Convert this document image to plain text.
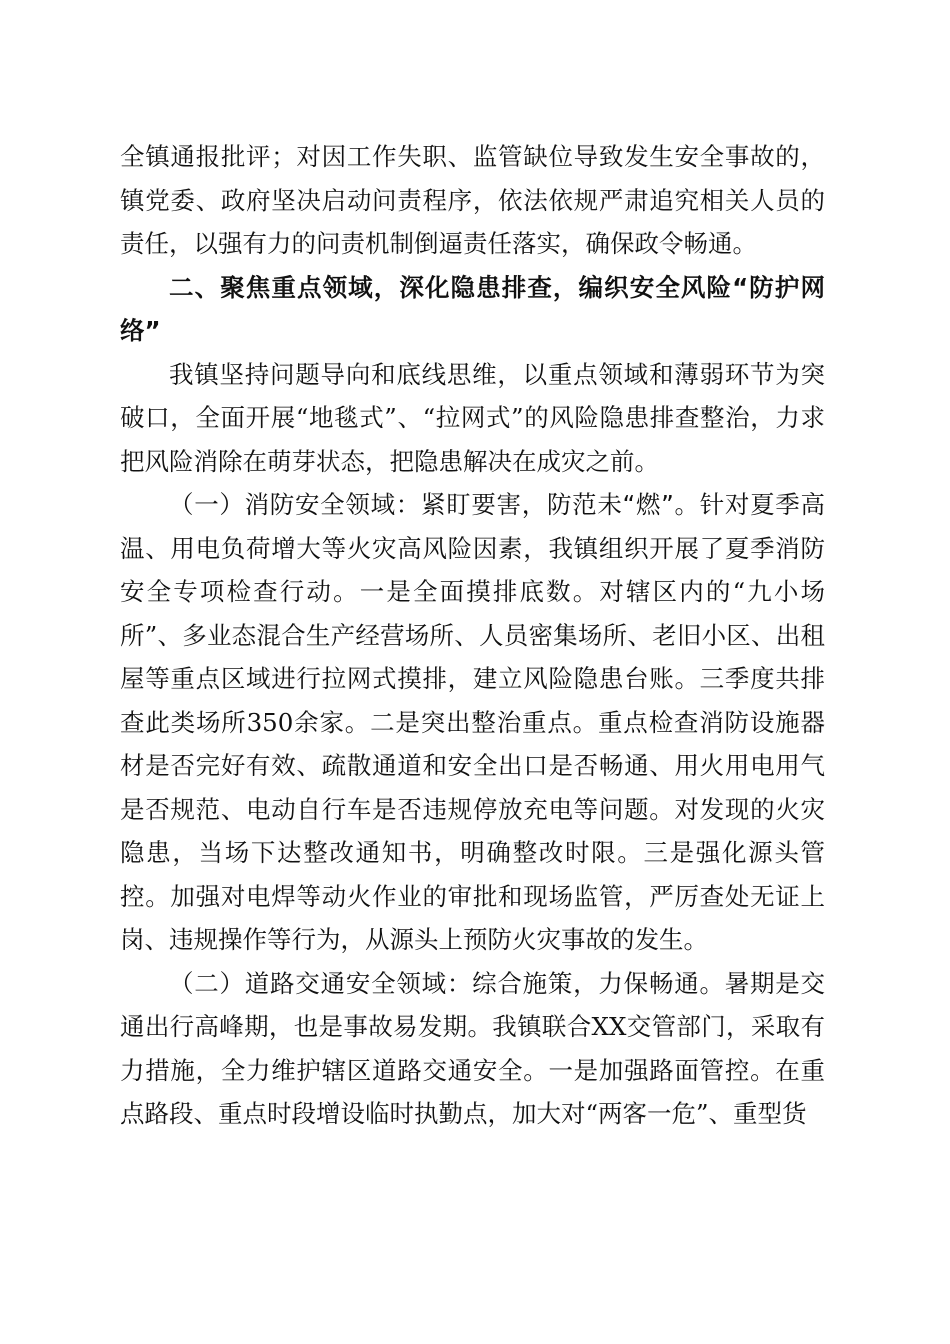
全镇通报批评；对因工作失职、监管缺位导致发生安全事故的，镇党委、政府坚决启动问责程序，依法依规严肃追究相关人员的责任，以强有力的问责机制倒逼责任落实，确保政令畅通。

二、聚焦重点领域，深化隐患排查，编织安全风险“防护网络”

我镇坚持问题导向和底线思维，以重点领域和薄弱环节为突破口，全面开展“地毯式”、“拉网式”的风险隐患排查整治，力求把风险消除在萌芽状态，把隐患解决在成灾之前。

（一）消防安全领域：紧盯要害，防范未“燃”。针对夏季高温、用电负荷增大等火灾高风险因素，我镇组织开展了夏季消防安全专项检查行动。一是全面摸排底数。对辖区内的“九小场所”、多业态混合生产经营场所、人员密集场所、老旧小区、出租屋等重点区域进行拉网式摸排，建立风险隐患台账。三季度共排查此类场所350余家。二是突出整治重点。重点检查消防设施器材是否完好有效、疏散通道和安全出口是否畅通、用火用电用气是否规范、电动自行车是否违规停放充电等问题。对发现的火灾隐患，当场下达整改通知书，明确整改时限。三是强化源头管控。加强对电焊等动火作业的审批和现场监管，严厉查处无证上岗、违规操作等行为，从源头上预防火灾事故的发生。

（二）道路交通安全领域：综合施策，力保畅通。暑期是交通出行高峰期，也是事故易发期。我镇联合XX交管部门，采取有力措施，全力维护辖区道路交通安全。一是加强路面管控。在重点路段、重点时段增设临时执勤点，加大对“两客一危”、重型货
